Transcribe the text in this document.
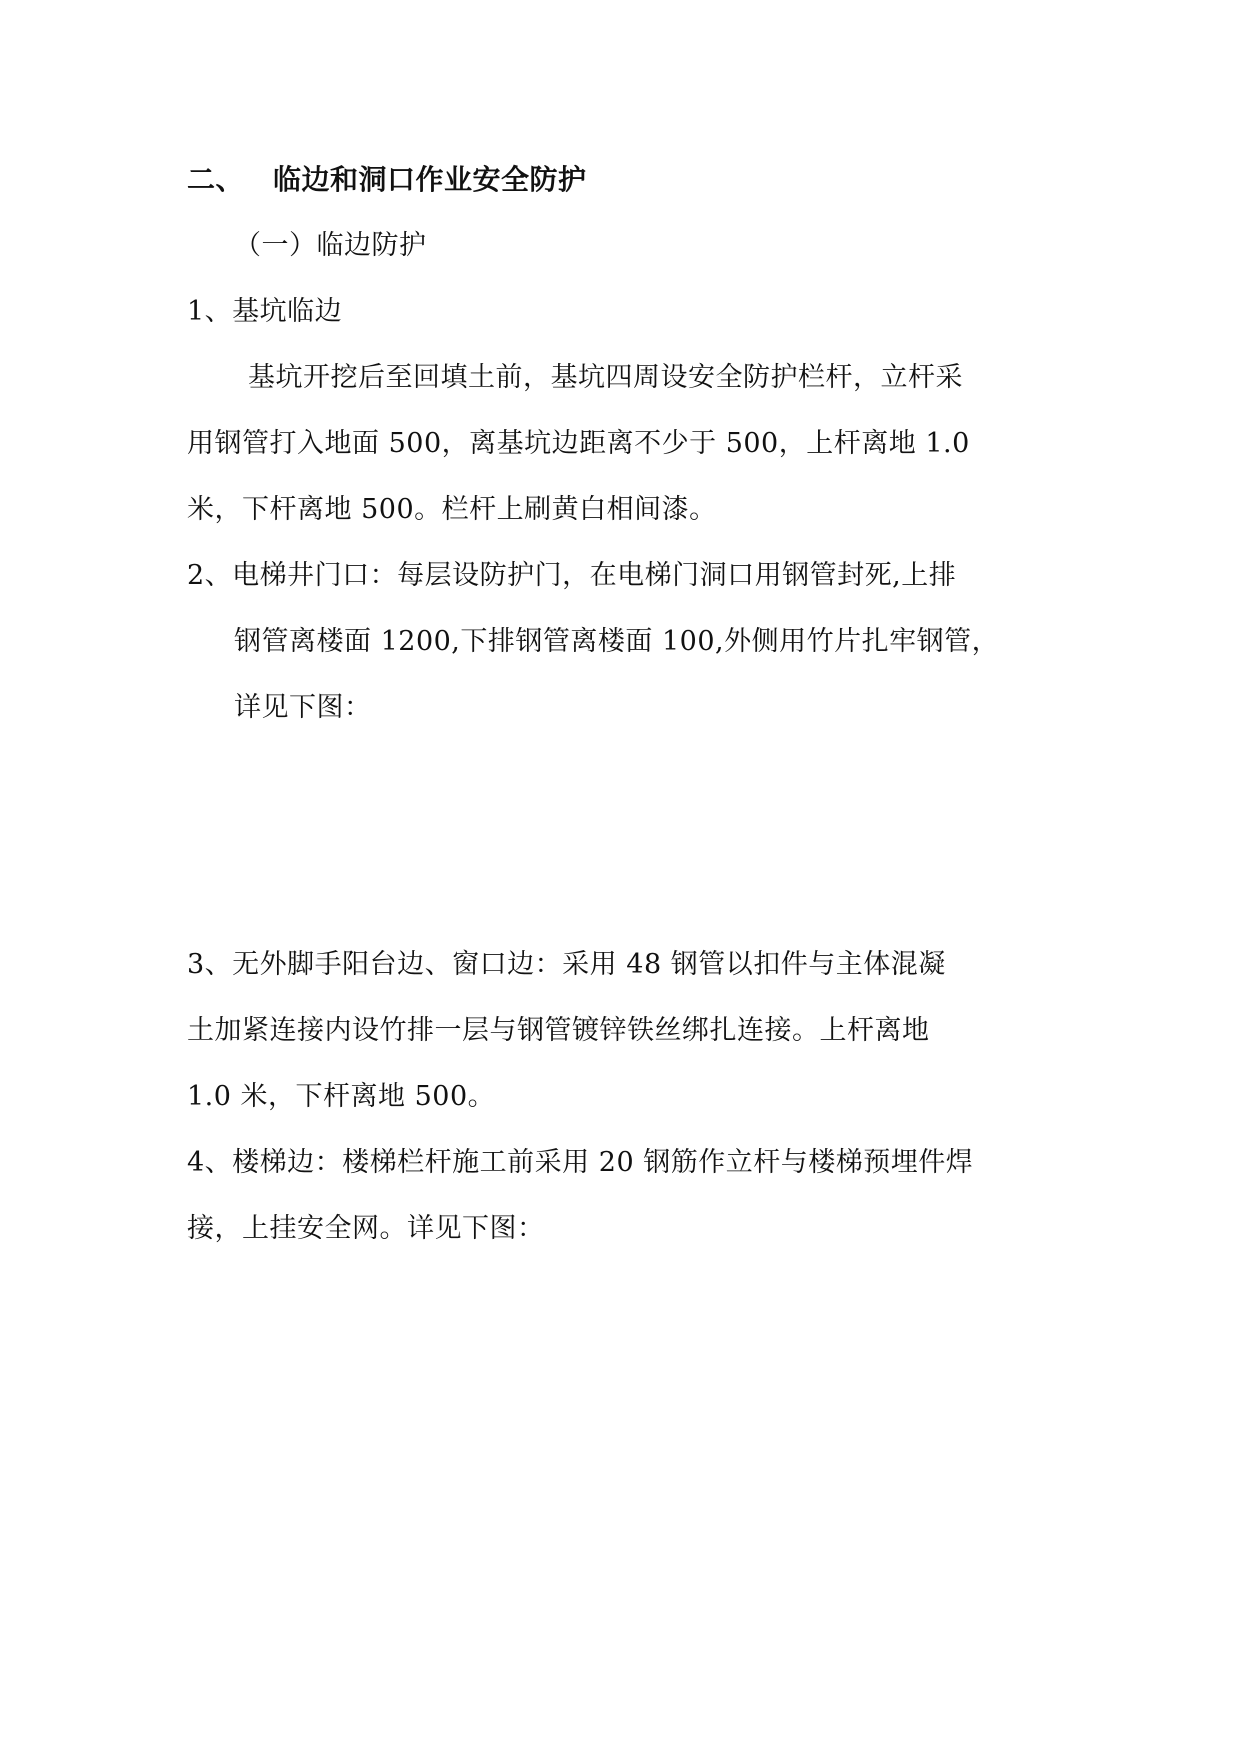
二、 临边和洞口作业安全防护
（一）临边防护
1、基坑临边
基坑开挖后至回填土前，基坑四周设安全防护栏杆，立杆采
用钢管打入地面 500，离基坑边距离不少于 500，上杆离地 1.0
米，下杆离地 500。栏杆上刷黄白相间漆。
2、电梯井门口：每层设防护门，在电梯门洞口用钢管封死,上排
钢管离楼面 1200,下排钢管离楼面 100,外侧用竹片扎牢钢管，
详见下图：
3、无外脚手阳台边、窗口边：采用 48 钢管以扣件与主体混凝
土加紧连接内设竹排一层与钢管镀锌铁丝绑扎连接。上杆离地
1.0 米，下杆离地 500。
4、楼梯边：楼梯栏杆施工前采用 20 钢筋作立杆与楼梯预埋件焊
接，上挂安全网。详见下图：
